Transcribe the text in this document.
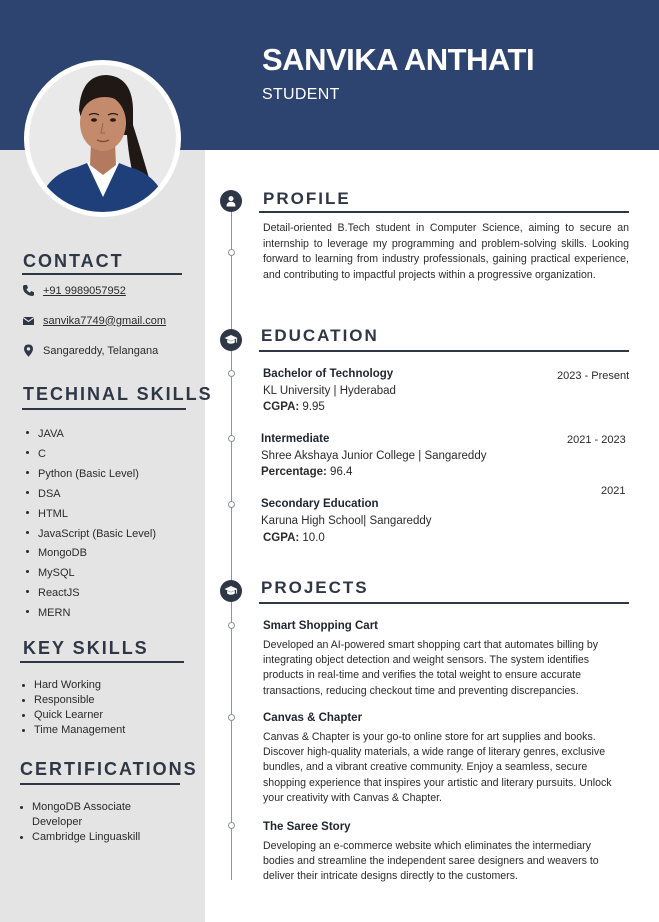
SANVIKA ANTHATI
STUDENT
CONTACT
+91 9989057952
sanvika7749@gmail.com
Sangareddy, Telangana
TECHINAL SKILLS
JAVA
C
Python (Basic Level)
DSA
HTML
JavaScript (Basic Level)
MongoDB
MySQL
ReactJS
MERN
KEY SKILLS
Hard Working
Responsible
Quick Learner
Time Management
CERTIFICATIONS
MongoDB Associate Developer
Cambridge Linguaskill
PROFILE
Detail-oriented B.Tech student in Computer Science, aiming to secure an internship to leverage my programming and problem-solving skills. Looking forward to learning from industry professionals, gaining practical experience, and contributing to impactful projects within a progressive organization.
EDUCATION
Bachelor of Technology	2023 - Present
KL University | Hyderabad
CGPA: 9.95
Intermediate	2021 - 2023
Shree Akshaya Junior College | Sangareddy
Percentage: 96.4
2021
Secondary Education
Karuna High School| Sangareddy
CGPA: 10.0
PROJECTS
Smart Shopping Cart
Developed an AI-powered smart shopping cart that automates billing by integrating object detection and weight sensors. The system identifies products in real-time and verifies the total weight to ensure accurate transactions, reducing checkout time and preventing discrepancies.
Canvas & Chapter
Canvas & Chapter is your go-to online store for art supplies and books. Discover high-quality materials, a wide range of literary genres, exclusive bundles, and a vibrant creative community. Enjoy a seamless, secure shopping experience that inspires your artistic and literary pursuits. Unlock your creativity with Canvas & Chapter.
The Saree Story
Developing an e-commerce website which eliminates the intermediary bodies and streamline the independent saree designers and weavers to deliver their intricate designs directly to the customers.
